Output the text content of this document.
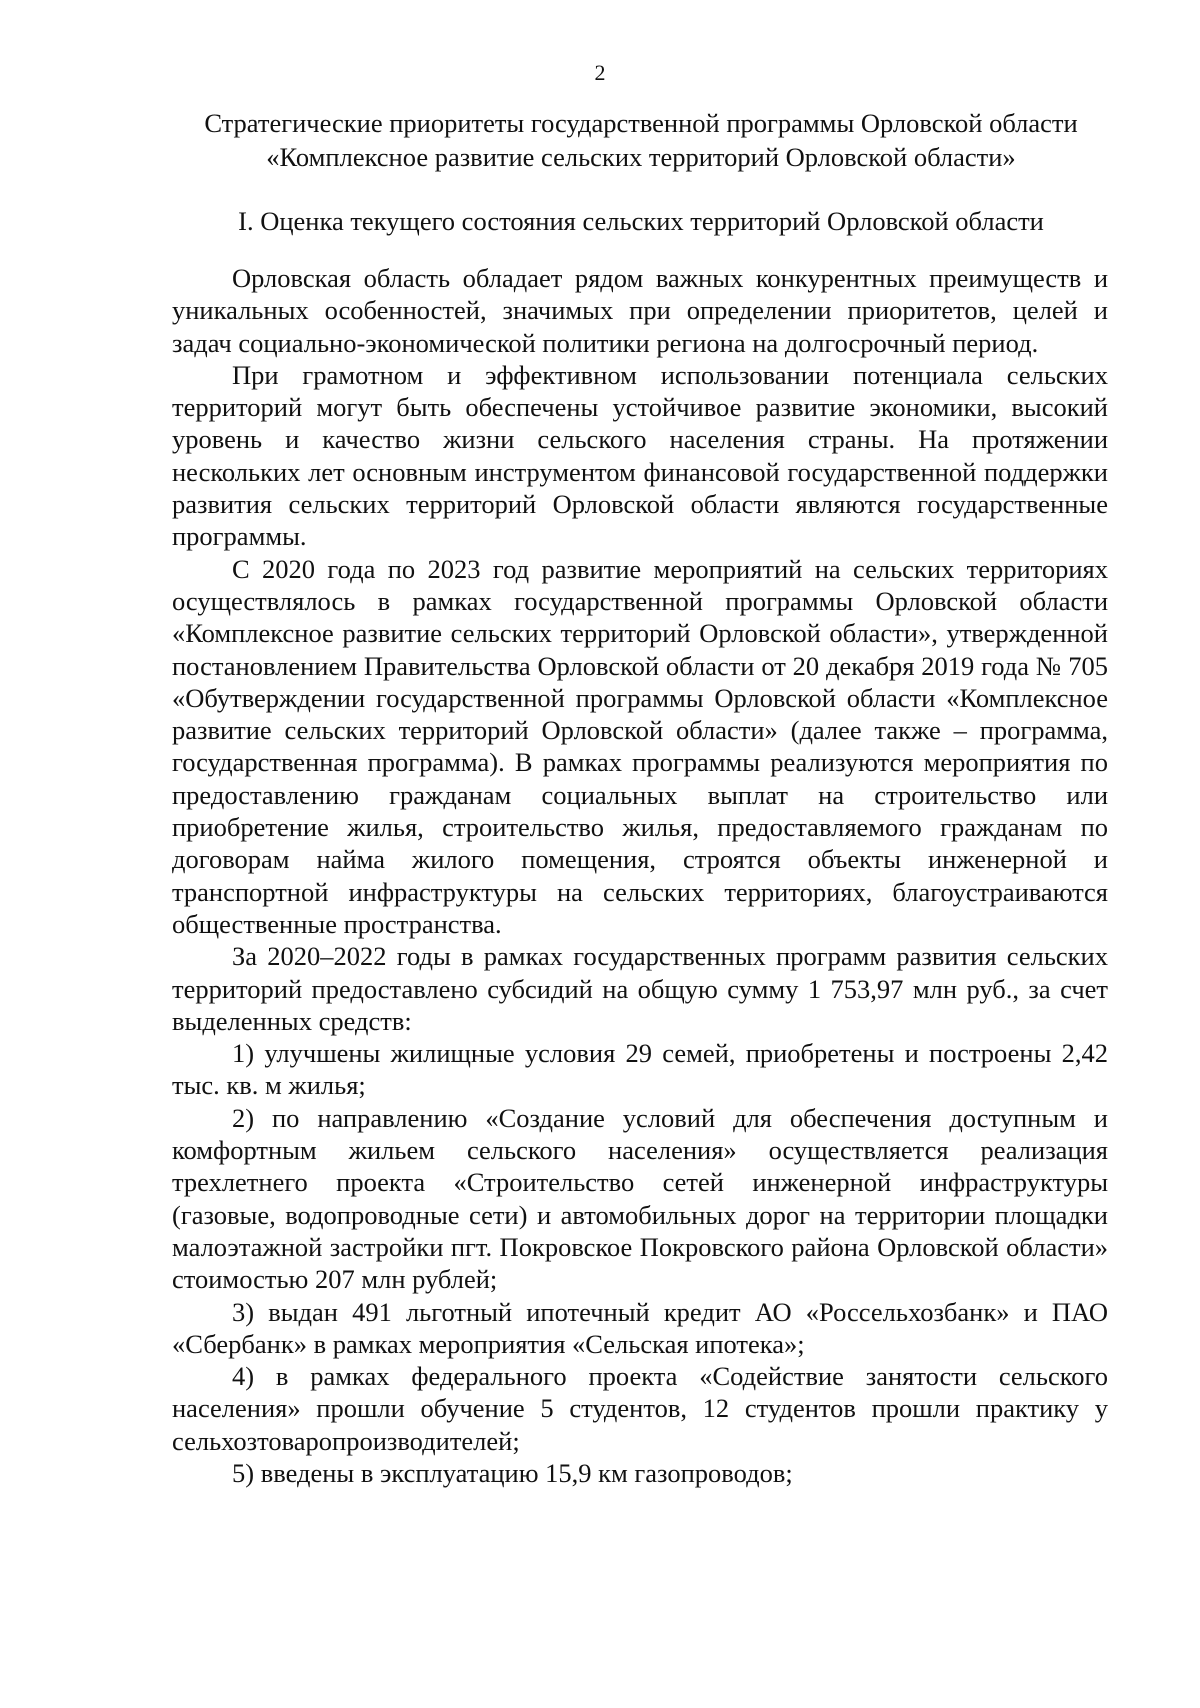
2
Стратегические приоритеты государственной программы Орловской области
«Комплексное развитие сельских территорий Орловской области»
I. Оценка текущего состояния сельских территорий Орловской области

Орловская область обладает рядом важных конкурентных преимуществ и уникальных особенностей, значимых при определении приоритетов, целей и задач социально-экономической политики региона на долгосрочный период.

При грамотном и эффективном использовании потенциала сельских территорий могут быть обеспечены устойчивое развитие экономики, высокий уровень и качество жизни сельского населения страны. На протяжении нескольких лет основным инструментом финансовой государственной поддержки развития сельских территорий Орловской области являются государственные программы.

С 2020 года по 2023 год развитие мероприятий на сельских территориях осуществлялось в рамках государственной программы Орловской области «Комплексное развитие сельских территорий Орловской области», утвержденной постановлением Правительства Орловской области от 20 декабря 2019 года № 705 «Обутверждении государственной программы Орловской области «Комплексное развитие сельских территорий Орловской области» (далее также – программа, государственная программа). В рамках программы реализуются мероприятия по предоставлению гражданам социальных выплат на строительство или приобретение жилья, строительство жилья, предоставляемого гражданам по договорам найма жилого помещения, строятся объекты инженерной и транспортной инфраструктуры на сельских территориях, благоустраиваются общественные пространства.

За 2020–2022 годы в рамках государственных программ развития сельских территорий предоставлено субсидий на общую сумму 1 753,97 млн руб., за счет выделенных средств:

1) улучшены жилищные условия 29 семей, приобретены и построены 2,42 тыс. кв. м жилья;

2) по направлению «Создание условий для обеспечения доступным и комфортным жильем сельского населения» осуществляется реализация трехлетнего проекта «Строительство сетей инженерной инфраструктуры (газовые, водопроводные сети) и автомобильных дорог на территории площадки малоэтажной застройки пгт. Покровское Покровского района Орловской области» стоимостью 207 млн рублей;

3) выдан 491 льготный ипотечный кредит АО «Россельхозбанк» и ПАО «Сбербанк» в рамках мероприятия «Сельская ипотека»;

4) в рамках федерального проекта «Содействие занятости сельского населения» прошли обучение 5 студентов, 12 студентов прошли практику у сельхозтоваропроизводителей;

5) введены в эксплуатацию 15,9 км газопроводов;
